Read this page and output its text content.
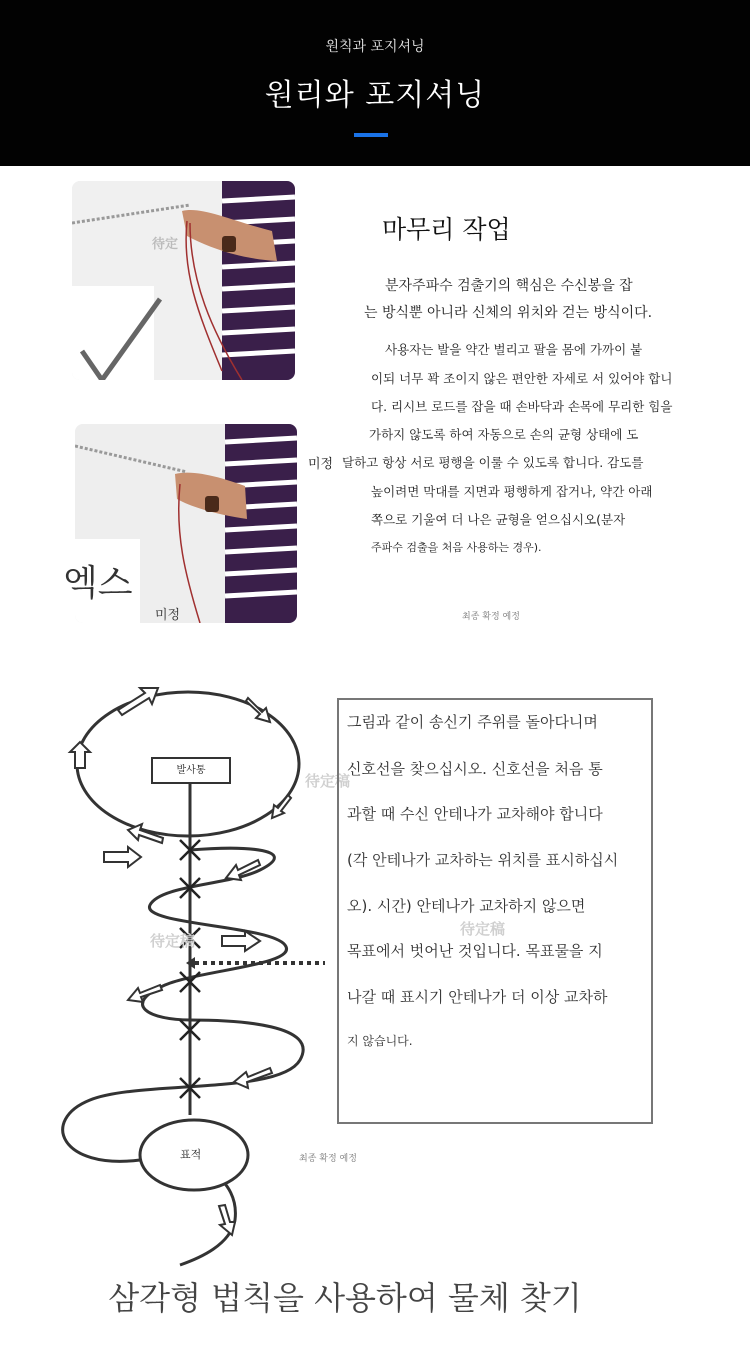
원칙과 포지셔닝
원리와 포지셔닝
待定
마무리 작업
분자주파수 검출기의 핵심은 수신봉을 잡
는 방식뿐 아니라 신체의 위치와 걷는 방식이다.
사용자는 발을 약간 벌리고 팔을 몸에 가까이 붙
이되 너무 꽉 조이지 않은 편안한 자세로 서 있어야 합니
다. 리시브 로드를 잡을 때 손바닥과 손목에 무리한 힘을
가하지 않도록 하여 자동으로 손의 균형 상태에 도
미정 달하고 항상 서로 평행을 이룰 수 있도록 합니다. 감도를
높이려면 막대를 지면과 평행하게 잡거나, 약간 아래
쪽으로 기울여 더 나은 균형을 얻으십시오(분자
주파수 검출을 처음 사용하는 경우).
최종 확정 예정
미정
엑스
발사통
표적
待定稿
待定稿
待定稿
최종 확정 예정
그림과 같이 송신기 주위를 돌아다니며
신호선을 찾으십시오. 신호선을 처음 통
과할 때 수신 안테나가 교차해야 합니다
(각 안테나가 교차하는 위치를 표시하십시
오). 시간) 안테나가 교차하지 않으면
목표에서 벗어난 것입니다. 목표물을 지
나갈 때 표시기 안테나가 더 이상 교차하
지 않습니다.
삼각형 법칙을 사용하여 물체 찾기
